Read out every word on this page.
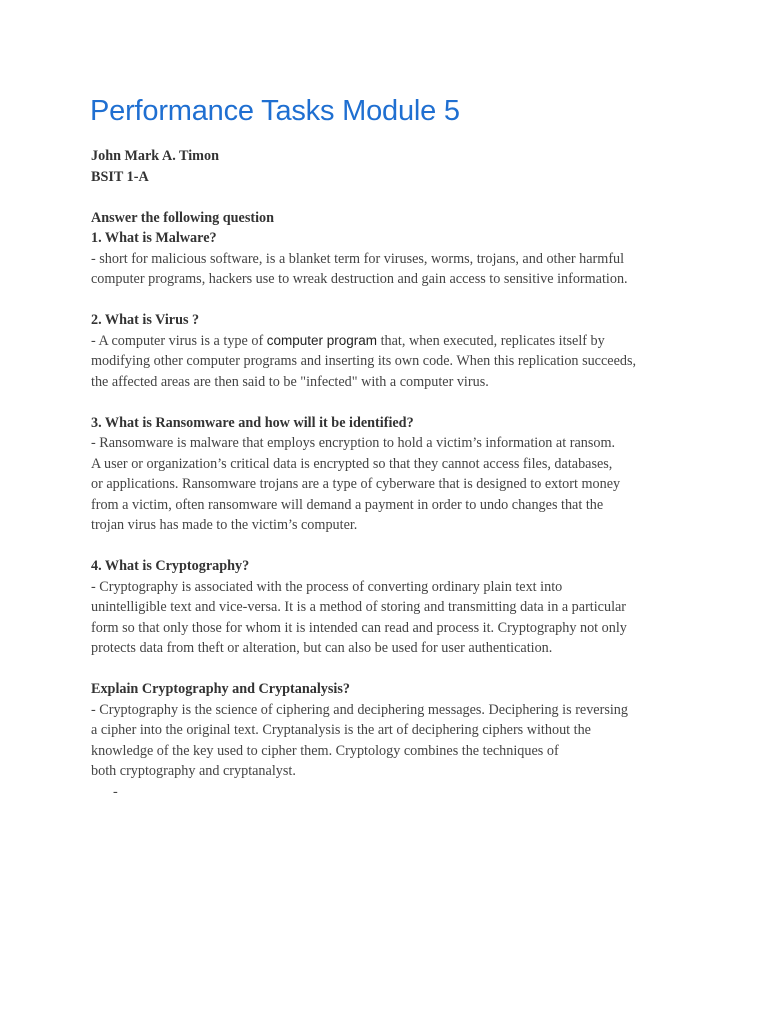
Performance Tasks Module 5
John Mark A. Timon
BSIT 1-A
Answer the following question
1. What is Malware?
- short for malicious software, is a blanket term for viruses, worms, trojans, and other harmful
computer programs, hackers use to wreak destruction and gain access to sensitive information.
2. What is Virus ?
- A computer virus is a type of computer program that, when executed, replicates itself by
modifying other computer programs and inserting its own code. When this replication succeeds,
the affected areas are then said to be "infected" with a computer virus.
3. What is Ransomware and how will it be identified?
- Ransomware is malware that employs encryption to hold a victim’s information at ransom.
A user or organization’s critical data is encrypted so that they cannot access files, databases,
or applications. Ransomware trojans are a type of cyberware that is designed to extort money
from a victim, often ransomware will demand a payment in order to undo changes that the
trojan virus has made to the victim’s computer.
4. What is Cryptography?
- Cryptography is associated with the process of converting ordinary plain text into
unintelligible text and vice-versa. It is a method of storing and transmitting data in a particular
form so that only those for whom it is intended can read and process it. Cryptography not only
protects data from theft or alteration, but can also be used for user authentication.
Explain Cryptography and Cryptanalysis?
- Cryptography is the science of ciphering and deciphering messages. Deciphering is reversing
a cipher into the original text. Cryptanalysis is the art of deciphering ciphers without the
knowledge of the key used to cipher them. Cryptology combines the techniques of
both cryptography and cryptanalyst.
-
